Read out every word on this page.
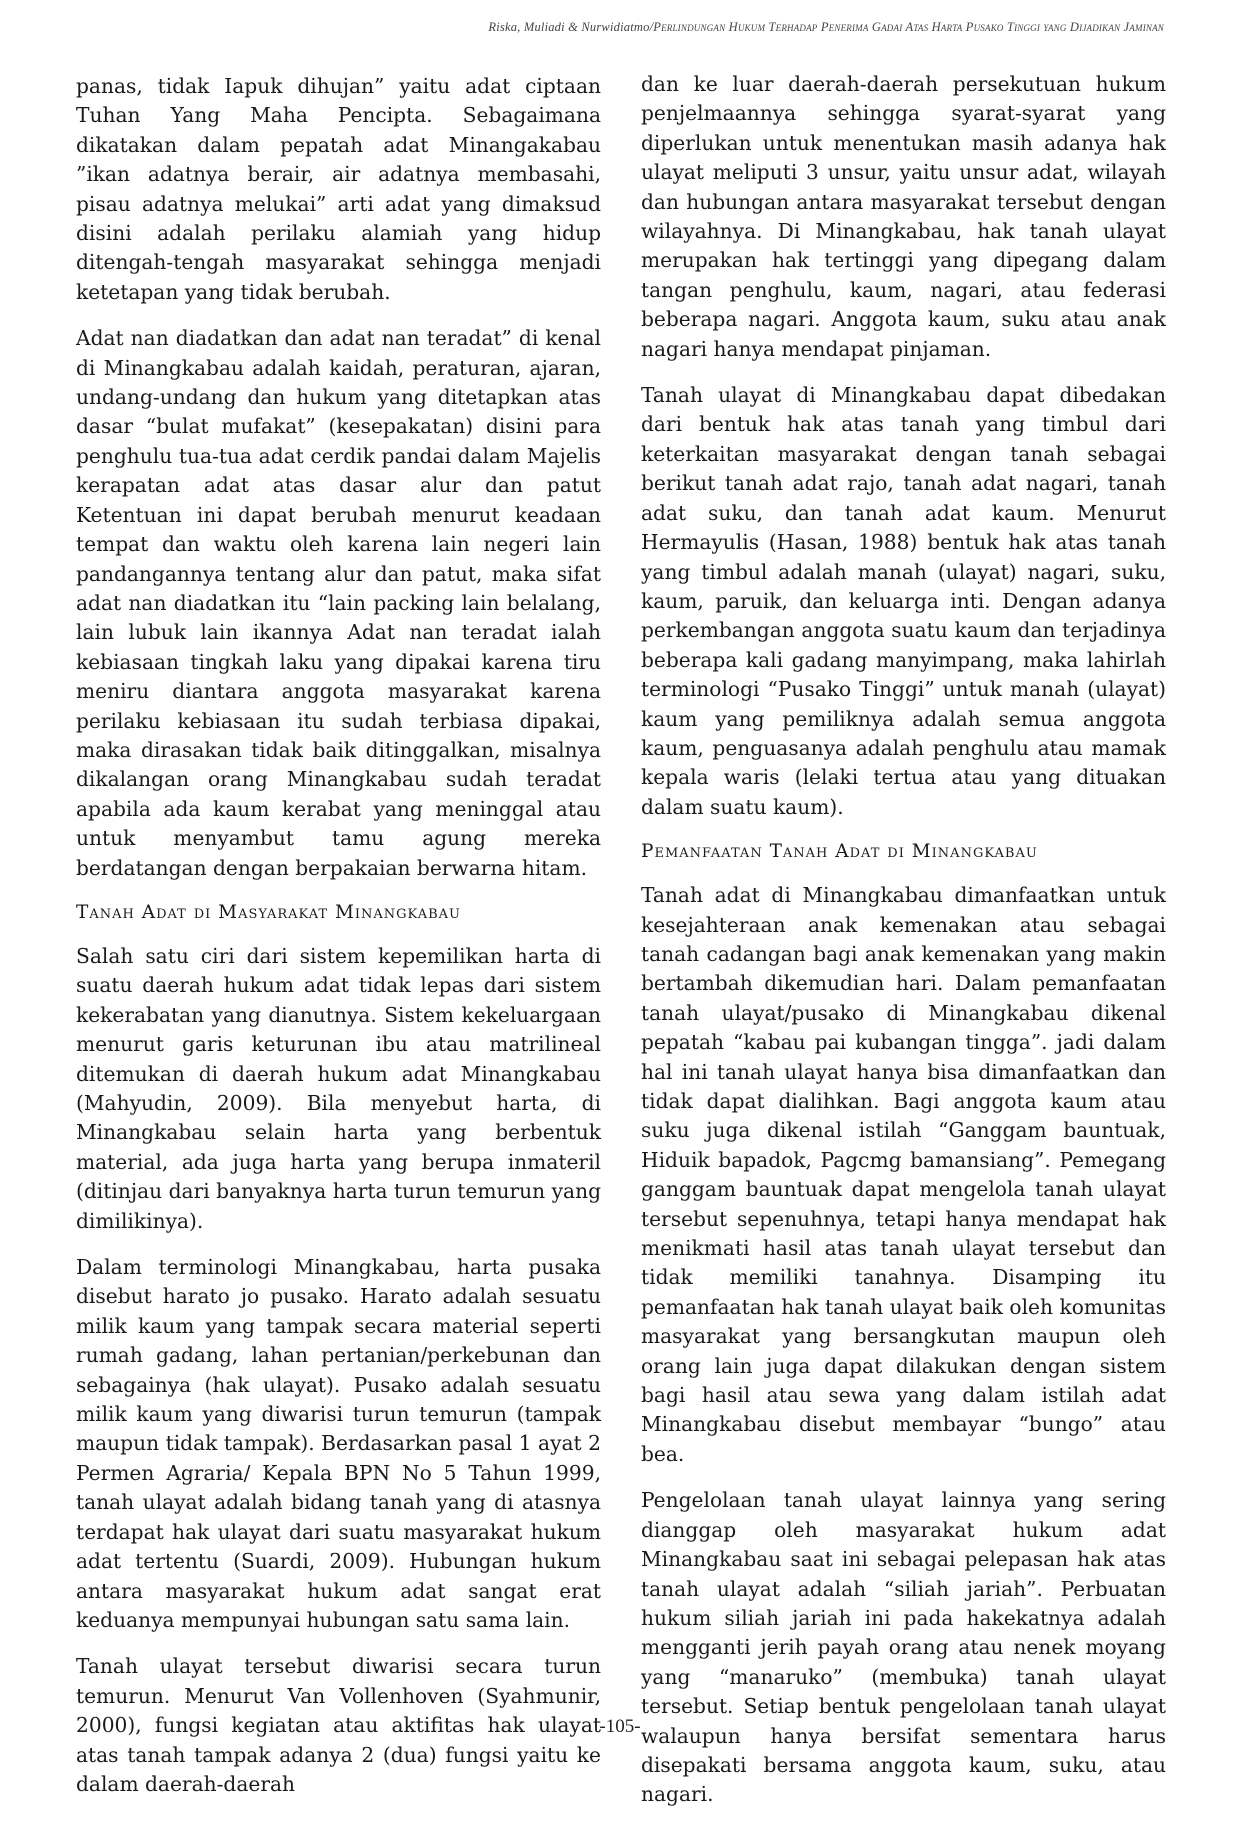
Riska, Muliadi & Nurwidiatmo/Perlindungan Hukum Terhadap Penerima Gadai Atas Harta Pusako Tinggi yang Dijadikan Jaminan

panas, tidak Iapuk dihujan” yaitu adat ciptaan Tuhan Yang Maha Pencipta. Sebagaimana dikatakan dalam pepatah adat Minangakabau ”ikan adatnya berair, air adatnya membasahi, pisau adatnya melukai” arti adat yang dimaksud disini adalah perilaku alamiah yang hidup ditengah-tengah masyarakat sehingga menjadi ketetapan yang tidak berubah.

Adat nan diadatkan dan adat nan teradat” di kenal di Minangkabau adalah kaidah, peraturan, ajaran, undang-undang dan hukum yang ditetapkan atas dasar “bulat mufakat” (kesepakatan) disini para penghulu tua-tua adat cerdik pandai dalam Majelis kerapatan adat atas dasar alur dan patut Ketentuan ini dapat berubah menurut keadaan tempat dan waktu oleh karena lain negeri lain pandangannya tentang alur dan patut, maka sifat adat nan diadatkan itu “lain packing lain belalang, lain lubuk lain ikannya Adat nan teradat ialah kebiasaan tingkah laku yang dipakai karena tiru meniru diantara anggota masyarakat karena perilaku kebiasaan itu sudah terbiasa dipakai, maka dirasakan tidak baik ditinggalkan, misalnya dikalangan orang Minangkabau sudah teradat apabila ada kaum kerabat yang meninggal atau untuk menyambut tamu agung mereka berdatangan dengan berpakaian berwarna hitam.

Tanah Adat di Masyarakat Minangkabau

Salah satu ciri dari sistem kepemilikan harta di suatu daerah hukum adat tidak lepas dari sistem kekerabatan yang dianutnya. Sistem kekeluargaan menurut garis keturunan ibu atau matrilineal ditemukan di daerah hukum adat Minangkabau (Mahyudin, 2009). Bila menyebut harta, di Minangkabau selain harta yang berbentuk material, ada juga harta yang berupa inmateril (ditinjau dari banyaknya harta turun temurun yang dimilikinya).

Dalam terminologi Minangkabau, harta pusaka disebut harato jo pusako. Harato adalah sesuatu milik kaum yang tampak secara material seperti rumah gadang, lahan pertanian/perkebunan dan sebagainya (hak ulayat). Pusako adalah sesuatu milik kaum yang diwarisi turun temurun (tampak maupun tidak tampak). Berdasarkan pasal 1 ayat 2 Permen Agraria/ Kepala BPN No 5 Tahun 1999, tanah ulayat adalah bidang tanah yang di atasnya terdapat hak ulayat dari suatu masyarakat hukum adat tertentu (Suardi, 2009). Hubungan hukum antara masyarakat hukum adat sangat erat keduanya mempunyai hubungan satu sama lain.

Tanah ulayat tersebut diwarisi secara turun temurun. Menurut Van Vollenhoven (Syahmunir, 2000), fungsi kegiatan atau aktifitas hak ulayat atas tanah tampak adanya 2 (dua) fungsi yaitu ke dalam daerah-daerah

dan ke luar daerah-daerah persekutuan hukum penjelmaannya sehingga syarat-syarat yang diperlukan untuk menentukan masih adanya hak ulayat meliputi 3 unsur, yaitu unsur adat, wilayah dan hubungan antara masyarakat tersebut dengan wilayahnya. Di Minangkabau, hak tanah ulayat merupakan hak tertinggi yang dipegang dalam tangan penghulu, kaum, nagari, atau federasi beberapa nagari. Anggota kaum, suku atau anak nagari hanya mendapat pinjaman.

Tanah ulayat di Minangkabau dapat dibedakan dari bentuk hak atas tanah yang timbul dari keterkaitan masyarakat dengan tanah sebagai berikut tanah adat rajo, tanah adat nagari, tanah adat suku, dan tanah adat kaum. Menurut Hermayulis (Hasan, 1988) bentuk hak atas tanah yang timbul adalah manah (ulayat) nagari, suku, kaum, paruik, dan keluarga inti. Dengan adanya perkembangan anggota suatu kaum dan terjadinya beberapa kali gadang manyimpang, maka lahirlah terminologi “Pusako Tinggi” untuk manah (ulayat) kaum yang pemiliknya adalah semua anggota kaum, penguasanya adalah penghulu atau mamak kepala waris (lelaki tertua atau yang dituakan dalam suatu kaum).

Pemanfaatan Tanah Adat di Minangkabau

Tanah adat di Minangkabau dimanfaatkan untuk kesejahteraan anak kemenakan atau sebagai tanah cadangan bagi anak kemenakan yang makin bertambah dikemudian hari. Dalam pemanfaatan tanah ulayat/pusako di Minangkabau dikenal pepatah “kabau pai kubangan tingga”. jadi dalam hal ini tanah ulayat hanya bisa dimanfaatkan dan tidak dapat dialihkan. Bagi anggota kaum atau suku juga dikenal istilah “Ganggam bauntuak, Hiduik bapadok, Pagcmg bamansiang”. Pemegang ganggam bauntuak dapat mengelola tanah ulayat tersebut sepenuhnya, tetapi hanya mendapat hak menikmati hasil atas tanah ulayat tersebut dan tidak memiliki tanahnya. Disamping itu pemanfaatan hak tanah ulayat baik oleh komunitas masyarakat yang bersangkutan maupun oleh orang lain juga dapat dilakukan dengan sistem bagi hasil atau sewa yang dalam istilah adat Minangkabau disebut membayar “bungo” atau bea.

Pengelolaan tanah ulayat lainnya yang sering dianggap oleh masyarakat hukum adat Minangkabau saat ini sebagai pelepasan hak atas tanah ulayat adalah “siliah jariah”. Perbuatan hukum siliah jariah ini pada hakekatnya adalah mengganti jerih payah orang atau nenek moyang yang “manaruko” (membuka) tanah ulayat tersebut. Setiap bentuk pengelolaan tanah ulayat walaupun hanya bersifat sementara harus disepakati bersama anggota kaum, suku, atau nagari.

-105-
